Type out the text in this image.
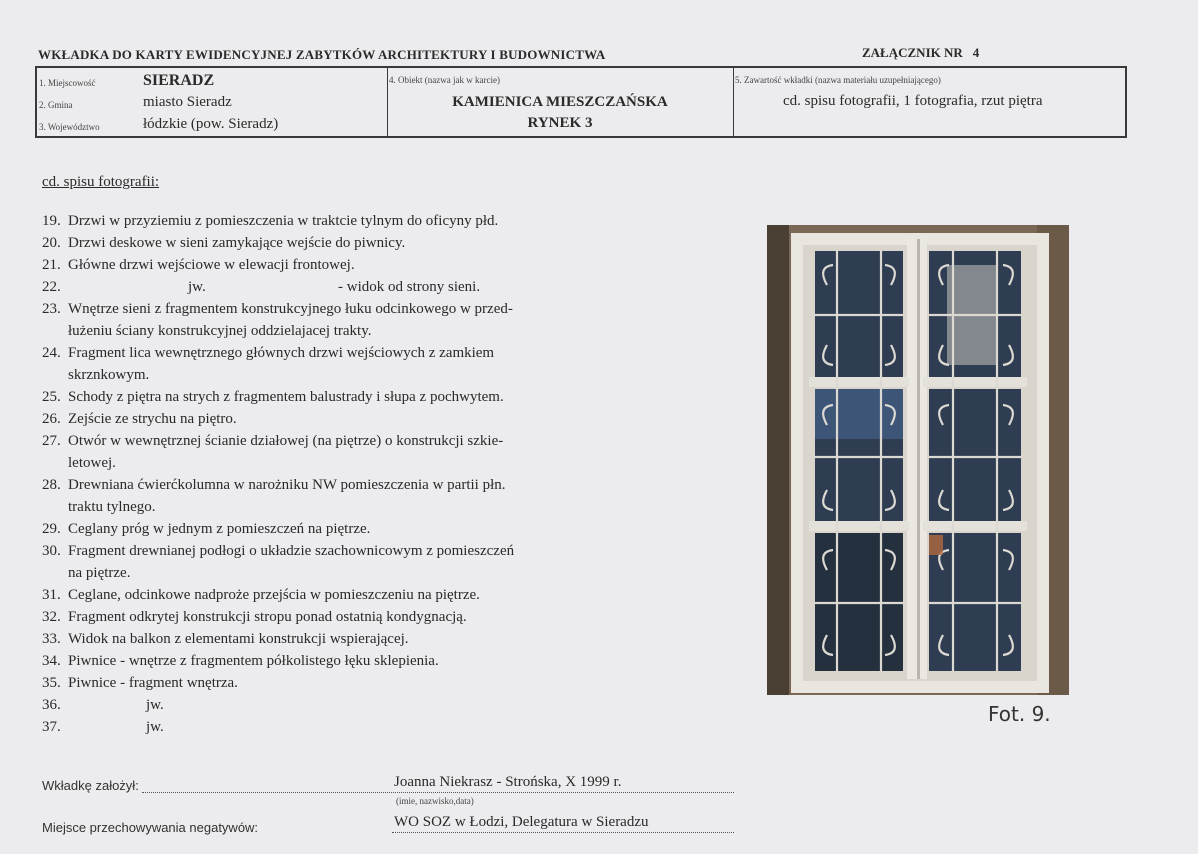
WKŁADKA DO KARTY EWIDENCYJNEJ ZABYTKÓW ARCHITEKTURY I BUDOWNICTWA	ZAŁĄCZNIK NR 4
1. Miejscowość	SIERADZ
2. Gmina	miasto Sieradz
3. Województwo	łódzkie (pow. Sieradz)
4. Obiekt (nazwa jak w karcie)
KAMIENICA MIESZCZAŃSKA
RYNEK 3
5. Zawartość wkładki (nazwa materiału uzupełniającego)
cd. spisu fotografii, 1 fotografia, rzut piętra
cd. spisu fotografii:
19. Drzwi w przyziemiu z pomieszczenia w traktcie tylnym do oficyny płd.
20. Drzwi deskowe w sieni zamykające wejście do piwnicy.
21. Główne drzwi wejściowe w elewacji frontowej.
22.	jw.	- widok od strony sieni.
23. Wnętrze sieni z fragmentem konstrukcyjnego łuku odcinkowego w przed-
łużeniu ściany konstrukcyjnej oddzielajacej trakty.
24. Fragment lica wewnętrznego głównych drzwi wejściowych z zamkiem
skrznkowym.
25. Schody z piętra na strych z fragmentem balustrady i słupa z pochwytem.
26. Zejście ze strychu na piętro.
27. Otwór w wewnętrznej ścianie działowej (na piętrze) o konstrukcji szkie-
letowej.
28. Drewniana ćwierćkolumna w narożniku NW pomieszczenia w partii płn.
traktu tylnego.
29. Ceglany próg w jednym z pomieszczeń na piętrze.
30. Fragment drewnianej podłogi o układzie szachownicowym z pomieszczeń
na piętrze.
31. Ceglane, odcinkowe nadproże przejścia w pomieszczeniu na piętrze.
32. Fragment odkrytej konstrukcji stropu ponad ostatnią kondygnacją.
33. Widok na balkon z elementami konstrukcji wspierającej.
34. Piwnice - wnętrze z fragmentem półkolistego łęku sklepienia.
35. Piwnice - fragment wnętrza.
36.	jw.
37.	jw.
Fot. 9.
Wkładkę założył:	Joanna Niekrasz - Strońska, X 1999 r.
(imie, nazwisko,data)
Miejsce przechowywania negatywów:	WO SOZ w Łodzi, Delegatura w Sieradzu
